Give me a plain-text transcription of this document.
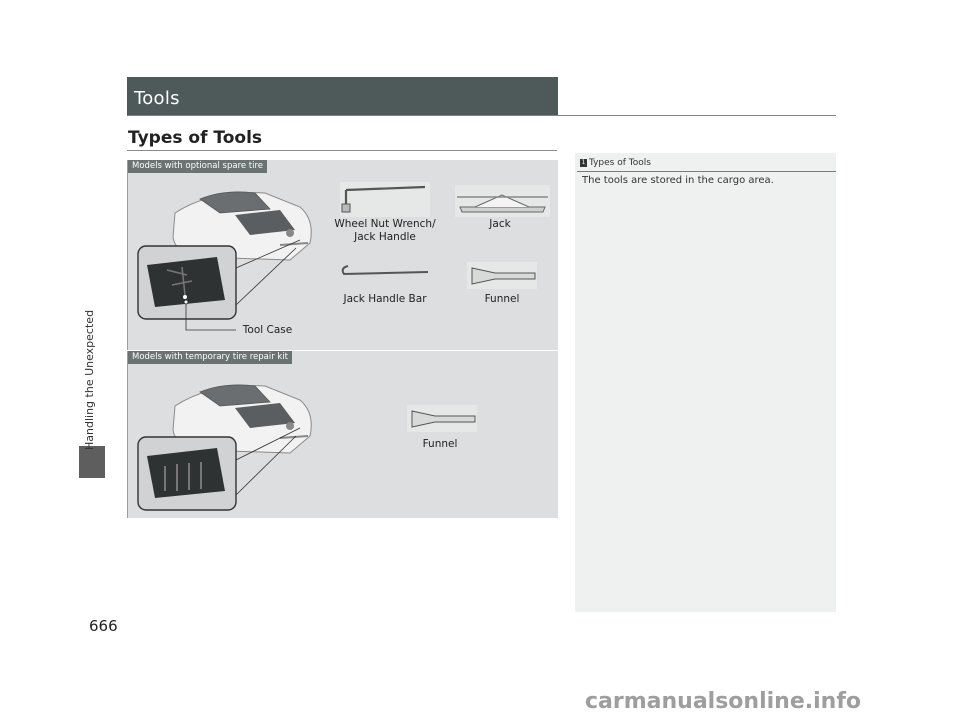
666
Tools
Types of Tools
Models with optional spare tire
Wheel Nut Wrench/
Jack Handle
Jack
Jack Handle Bar	Funnel
Tool Case
Models with temporary tire repair kit
Funnel
1 Types of Tools
The tools are stored in the cargo area.
carmanualsonline.info
